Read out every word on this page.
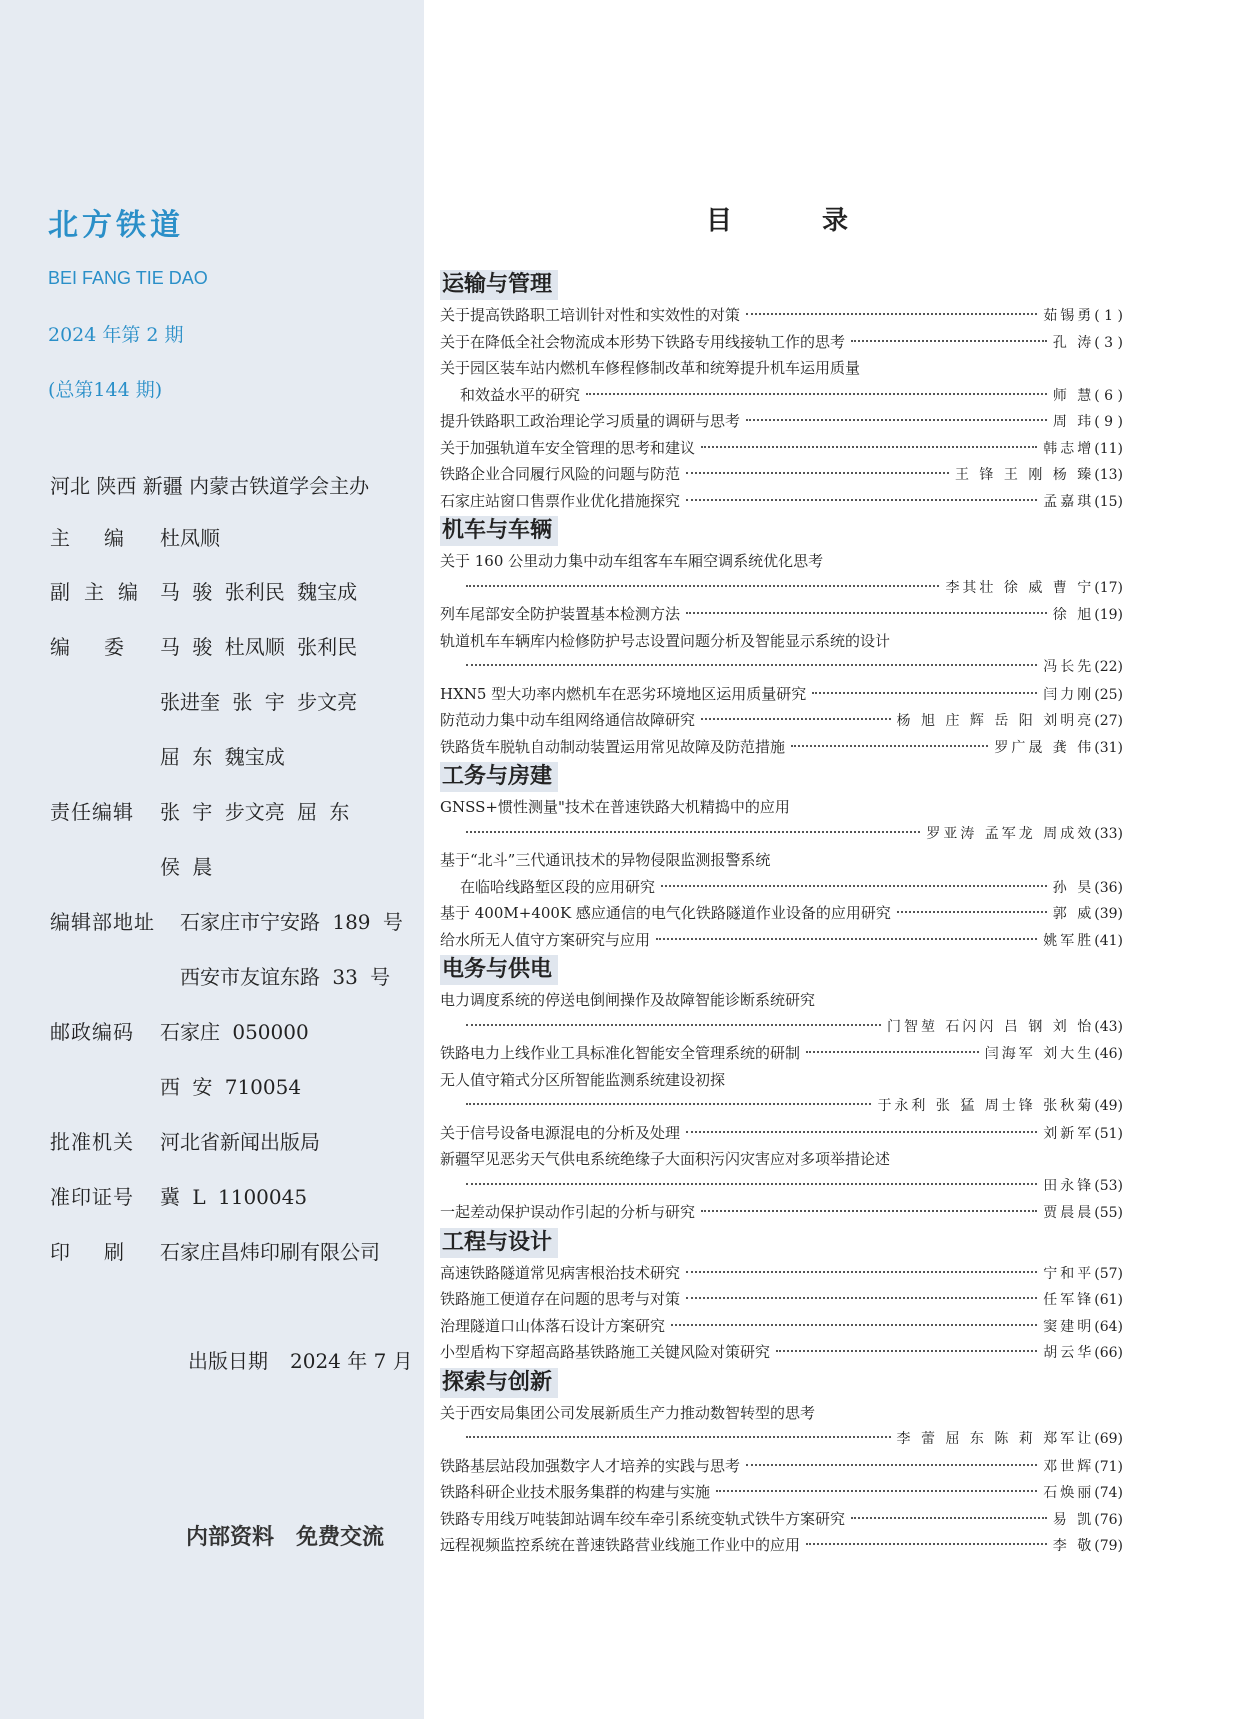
北方铁道
BEI FANG TIE DAO
2024 年第 2 期
(总第144 期)
河北 陕西 新疆 内蒙古铁道学会主办
主编 杜凤顺
副主编 马 骏 张利民 魏宝成
编委 马 骏 杜凤顺 张利民
张进奎 张 宇 步文亮
屈 东 魏宝成
责任编辑 张 宇 步文亮 屈 东
侯 晨
编辑部地址 石家庄市宁安路 189 号
西安市友谊东路 33 号
邮政编码 石家庄 050000
西 安 710054
批准机关 河北省新闻出版局
准印证号 冀 L 1100045
印刷 石家庄昌炜印刷有限公司
出版日期 2024 年 7 月
内部资料 免费交流
目录
运输与管理
关于提高铁路职工培训针对性和实效性的对策	茹锡勇 ( 1 )
关于在降低全社会物流成本形势下铁路专用线接轨工作的思考	孔 涛 ( 3 )
关于园区装车站内燃机车修程修制改革和统筹提升机车运用质量
和效益水平的研究	师 慧 ( 6 )
提升铁路职工政治理论学习质量的调研与思考	周 玮 ( 9 )
关于加强轨道车安全管理的思考和建议	韩志增 (11)
铁路企业合同履行风险的问题与防范	王 锋 王 刚 杨 臻 (13)
石家庄站窗口售票作业优化措施探究	孟嘉琪 (15)
机车与车辆
关于 160 公里动力集中动车组客车车厢空调系统优化思考
李其壮 徐 威 曹 宁 (17)
列车尾部安全防护装置基本检测方法	徐 旭 (19)
轨道机车车辆库内检修防护号志设置问题分析及智能显示系统的设计
冯长先 (22)
HXN5 型大功率内燃机车在恶劣环境地区运用质量研究	闫力刚 (25)
防范动力集中动车组网络通信故障研究	杨 旭 庄 辉 岳 阳 刘明亮 (27)
铁路货车脱轨自动制动装置运用常见故障及防范措施	罗广晟 龚 伟 (31)
工务与房建
GNSS+惯性测量"技术在普速铁路大机精捣中的应用
罗亚涛 孟军龙 周成效 (33)
基于“北斗”三代通讯技术的异物侵限监测报警系统
在临哈线路堑区段的应用研究	孙 昊 (36)
基于 400M+400K 感应通信的电气化铁路隧道作业设备的应用研究	郭 威 (39)
给水所无人值守方案研究与应用	姚军胜 (41)
电务与供电
电力调度系统的停送电倒闸操作及故障智能诊断系统研究
门智堃 石闪闪 吕 钢 刘 怡 (43)
铁路电力上线作业工具标准化智能安全管理系统的研制	闫海军 刘大生 (46)
无人值守箱式分区所智能监测系统建设初探
于永利 张 猛 周士锋 张秋菊 (49)
关于信号设备电源混电的分析及处理	刘新军 (51)
新疆罕见恶劣天气供电系统绝缘子大面积污闪灾害应对多项举措论述
田永锋 (53)
一起差动保护误动作引起的分析与研究	贾晨晨 (55)
工程与设计
高速铁路隧道常见病害根治技术研究	宁和平 (57)
铁路施工便道存在问题的思考与对策	任军锋 (61)
治理隧道口山体落石设计方案研究	窦建明 (64)
小型盾构下穿超高路基铁路施工关键风险对策研究	胡云华 (66)
探索与创新
关于西安局集团公司发展新质生产力推动数智转型的思考
李 蕾 屈 东 陈 莉 郑军让 (69)
铁路基层站段加强数字人才培养的实践与思考	邓世辉 (71)
铁路科研企业技术服务集群的构建与实施	石焕丽 (74)
铁路专用线万吨装卸站调车绞车牵引系统变轨式铁牛方案研究	易 凯 (76)
远程视频监控系统在普速铁路营业线施工作业中的应用	李 敬 (79)
